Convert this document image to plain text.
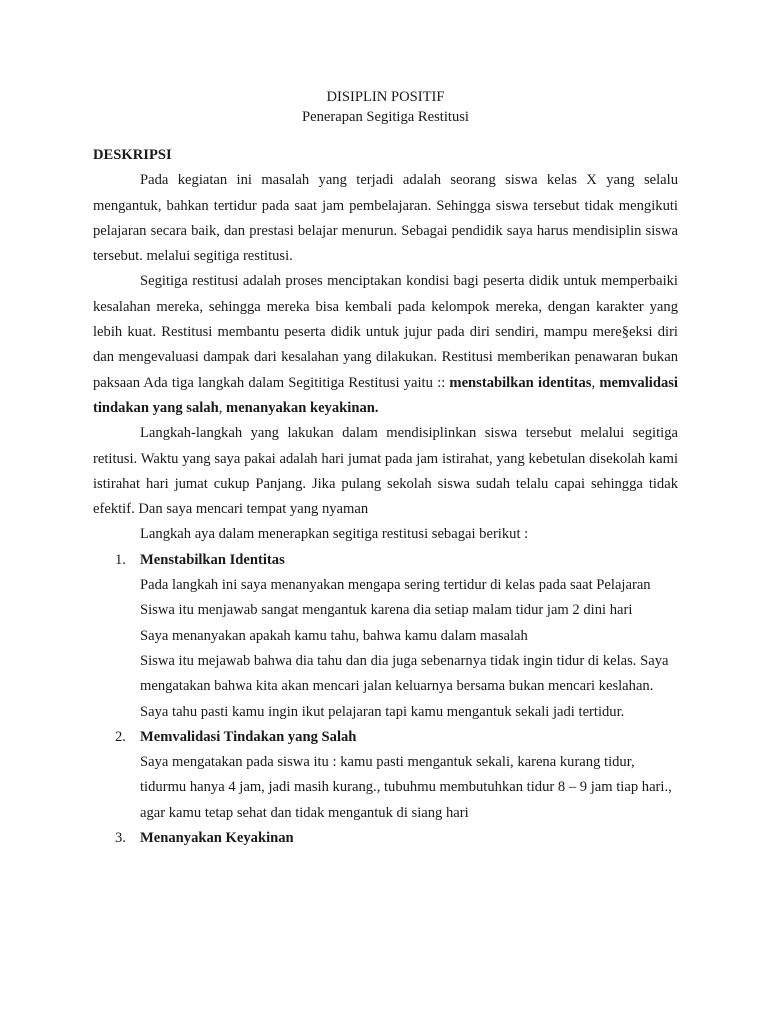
DISIPLIN POSITIF
Penerapan Segitiga Restitusi
DESKRIPSI

Pada kegiatan ini masalah yang terjadi adalah seorang siswa kelas X yang selalu mengantuk, bahkan tertidur pada saat jam pembelajaran. Sehingga siswa tersebut tidak mengikuti pelajaran secara baik, dan prestasi belajar menurun. Sebagai pendidik saya harus mendisiplin siswa tersebut. melalui segitiga restitusi.

Segitiga restitusi adalah proses menciptakan kondisi bagi peserta didik untuk memperbaiki kesalahan mereka, sehingga mereka bisa kembali pada kelompok mereka, dengan karakter yang lebih kuat. Restitusi membantu peserta didik untuk jujur pada diri sendiri, mampu mere§eksi diri dan mengevaluasi dampak dari kesalahan yang dilakukan. Restitusi memberikan penawaran bukan paksaan Ada tiga langkah dalam Segititiga Restitusi yaitu :: menstabilkan identitas, memvalidasi tindakan yang salah, menanyakan keyakinan.

Langkah-langkah yang lakukan dalam mendisiplinkan siswa tersebut melalui segitiga retitusi. Waktu yang saya pakai adalah hari jumat pada jam istirahat, yang kebetulan disekolah kami istirahat hari jumat cukup Panjang. Jika pulang sekolah siswa sudah telalu capai sehingga tidak efektif. Dan saya mencari tempat yang nyaman

Langkah aya dalam menerapkan segitiga restitusi sebagai berikut :

1. Menstabilkan Identitas
Pada langkah ini saya menanyakan mengapa sering tertidur di kelas pada saat Pelajaran
Siswa itu menjawab sangat mengantuk karena dia setiap malam tidur jam 2 dini hari
Saya menanyakan apakah kamu tahu, bahwa kamu dalam masalah
Siswa itu mejawab bahwa dia tahu dan dia juga sebenarnya tidak ingin tidur di kelas. Saya mengatakan bahwa kita akan mencari jalan keluarnya bersama bukan mencari keslahan. Saya tahu pasti kamu ingin ikut pelajaran tapi kamu mengantuk sekali jadi tertidur.
2. Memvalidasi Tindakan yang Salah
Saya mengatakan pada siswa itu : kamu pasti mengantuk sekali, karena kurang tidur, tidurmu hanya 4 jam, jadi masih kurang., tubuhmu membutuhkan tidur 8 – 9 jam tiap hari., agar kamu tetap sehat dan tidak mengantuk di siang hari
3. Menanyakan Keyakinan
